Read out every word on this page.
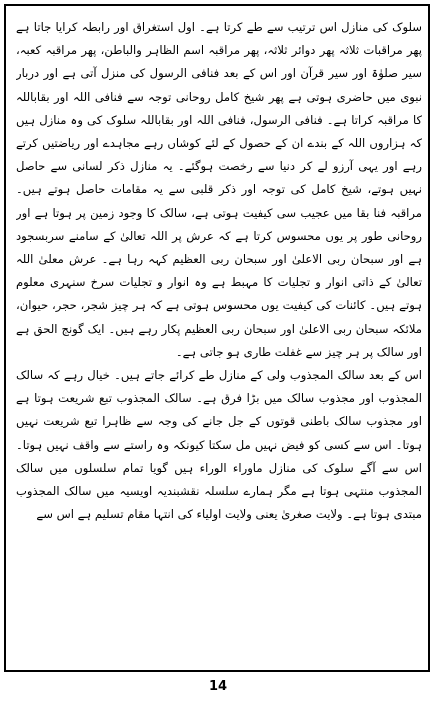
سلوک کی منازل اس ترتیب سے طے کرتا ہے۔ اول استغراق اور رابطہ کرایا جاتا ہے پھر مراقبات ثلاثہ پھر دوائر ثلاثہ، پھر مراقبہ اسم الظاہر والباطن، پھر مراقبہ کعبہ، سیر صلوٰۃ اور سیر قرآن اور اس کے بعد فنافی الرسول کی منزل آتی ہے اور دربار نبوی میں حاضری ہوتی ہے پھر شیخ کامل روحانی توجہ سے فنافی اللہ اور بقاباللہ کا مراقبہ کراتا ہے۔ فنافی الرسول، فنافی اللہ اور بقاباللہ سلوک کی وہ منازل ہیں کہ ہزاروں اللہ کے بندے ان کے حصول کے لئے کوشاں رہے مجاہدے اور ریاضتیں کرتے رہے اور یہی آرزو لے کر دنیا سے رخصت ہوگئے۔ یہ منازل ذکر لسانی سے حاصل نہیں ہوتے، شیخ کامل کی توجہ اور ذکر قلبی سے یہ مقامات حاصل ہوتے ہیں۔ مراقبہ فنا بقا میں عجیب سی کیفیت ہوتی ہے، سالک کا وجود زمین پر ہوتا ہے اور روحانی طور پر یوں محسوس کرتا ہے کہ عرش پر اللہ تعالیٰ کے سامنے سربسجود ہے اور سبحان ربی الاعلیٰ اور سبحان ربی العظیم کہہ رہا ہے۔ عرش معلیٰ اللہ تعالیٰ کے ذاتی انوار و تجلیات کا مہبط ہے وہ انوار و تجلیات سرخ سنہری معلوم ہوتے ہیں۔ کائنات کی کیفیت یوں محسوس ہوتی ہے کہ ہر چیز شجر، حجر، حیوان، ملائکہ سبحان ربی الاعلیٰ اور سبحان ربی العظیم پکار رہے ہیں۔ ایک گونج الحق ہے اور سالک پر ہر چیز سے غفلت طاری ہو جاتی ہے۔

اس کے بعد سالک المجذوب ولی کے منازل طے کرائے جاتے ہیں۔ خیال رہے کہ سالک المجذوب اور مجذوب سالک میں بڑا فرق ہے۔ سالک المجذوب تبع شریعت ہوتا ہے اور مجذوب سالک باطنی قوتوں کے جل جانے کی وجہ سے ظاہرا تبع شریعت نہیں ہوتا۔ اس سے کسی کو فیض نہیں مل سکتا کیونکہ وہ راستے سے واقف نہیں ہوتا۔ اس سے آگے سلوک کی منازل ماوراء الوراء ہیں گویا تمام سلسلوں میں سالک المجذوب منتہی ہوتا ہے مگر ہمارے سلسلہ نقشبندیہ اویسیہ میں سالک المجذوب مبتدی ہوتا ہے۔ ولایت صغریٰ یعنی ولایت اولیاء کی انتہا مقام تسلیم ہے اس سے

14
